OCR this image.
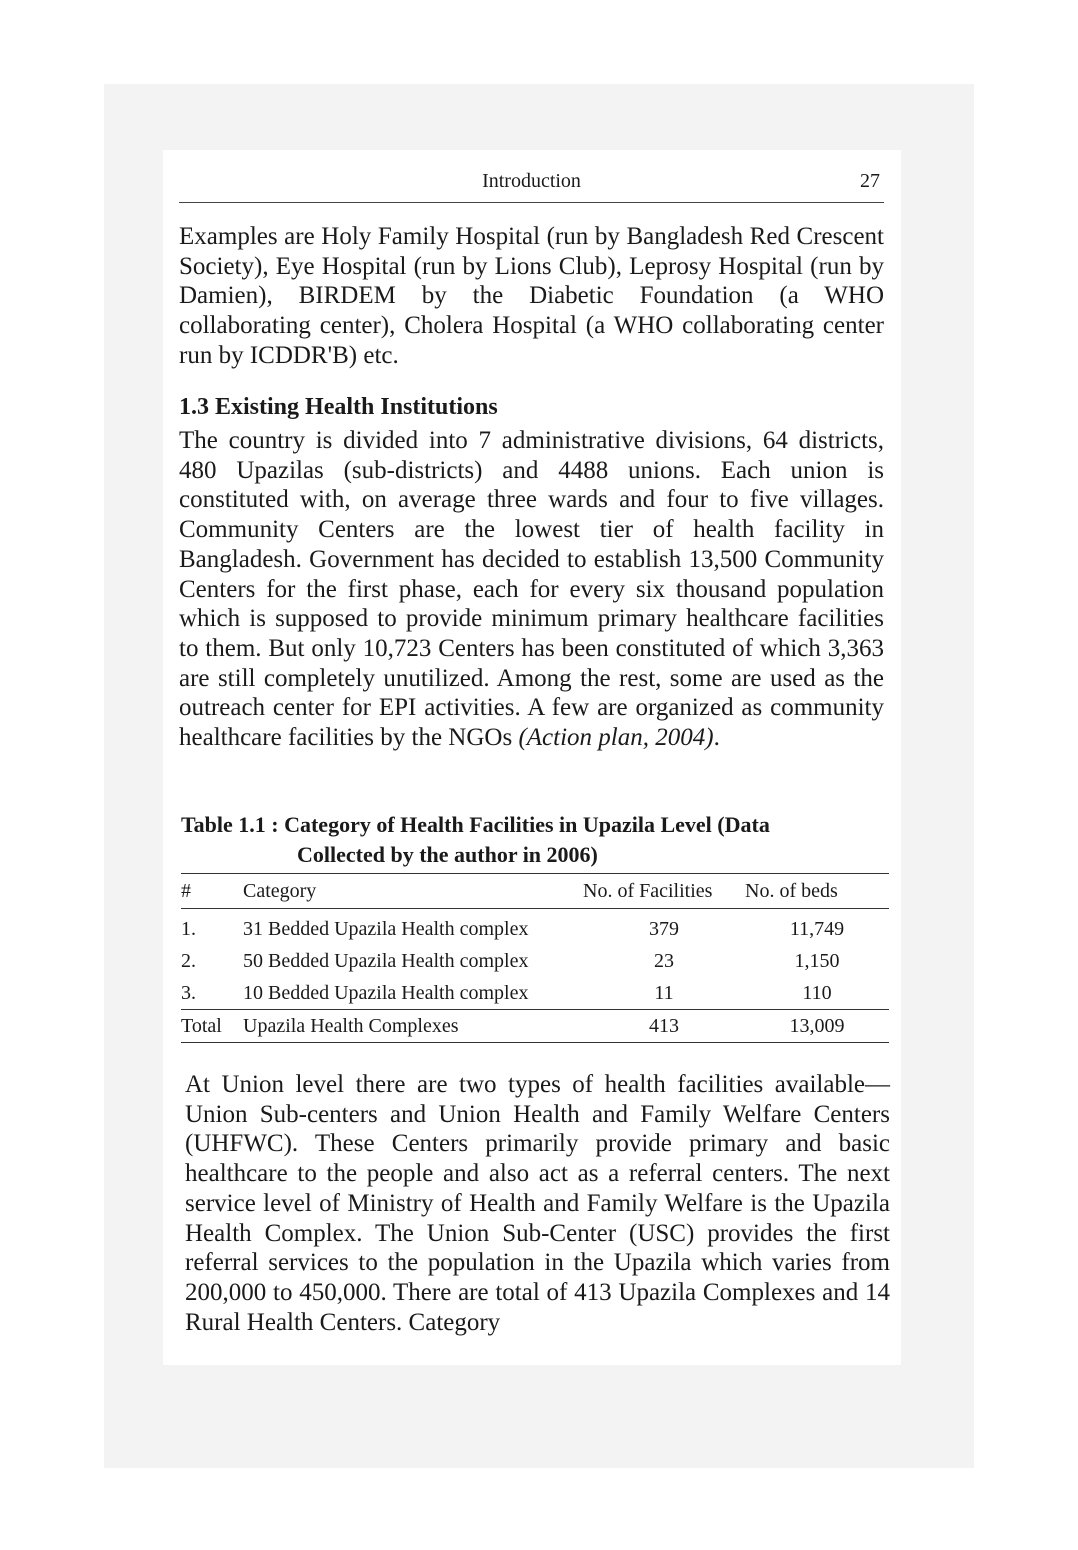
Introduction	27

Examples are Holy Family Hospital (run by Bangladesh Red Crescent Society), Eye Hospital (run by Lions Club), Leprosy Hospital (run by Damien), BIRDEM by the Diabetic Foundation (a WHO collaborating center), Cholera Hospital (a WHO collaborating center run by ICDDR'B) etc.

1.3 Existing Health Institutions

The country is divided into 7 administrative divisions, 64 districts, 480 Upazilas (sub-districts) and 4488 unions. Each union is constituted with, on average three wards and four to five villages. Community Centers are the lowest tier of health facility in Bangladesh. Government has decided to establish 13,500 Community Centers for the first phase, each for every six thousand population which is supposed to provide minimum primary healthcare facilities to them. But only 10,723 Centers has been constituted of which 3,363 are still completely unutilized. Among the rest, some are used as the outreach center for EPI activities. A few are organized as community healthcare facilities by the NGOs (Action plan, 2004).

Table 1.1 : Category of Health Facilities in Upazila Level (Data
Collected by the author in 2006)
#	Category	No. of Facilities	No. of beds
1.	31 Bedded Upazila Health complex	379	11,749
2.	50 Bedded Upazila Health complex	23	1,150
3.	10 Bedded Upazila Health complex	11	110
Total	Upazila Health Complexes	413	13,009

At Union level there are two types of health facilities available—Union Sub-centers and Union Health and Family Welfare Centers (UHFWC). These Centers primarily provide primary and basic healthcare to the people and also act as a referral centers. The next service level of Ministry of Health and Family Welfare is the Upazila Health Complex. The Union Sub-Center (USC) provides the first referral services to the population in the Upazila which varies from 200,000 to 450,000. There are total of 413 Upazila Complexes and 14 Rural Health Centers. Category
